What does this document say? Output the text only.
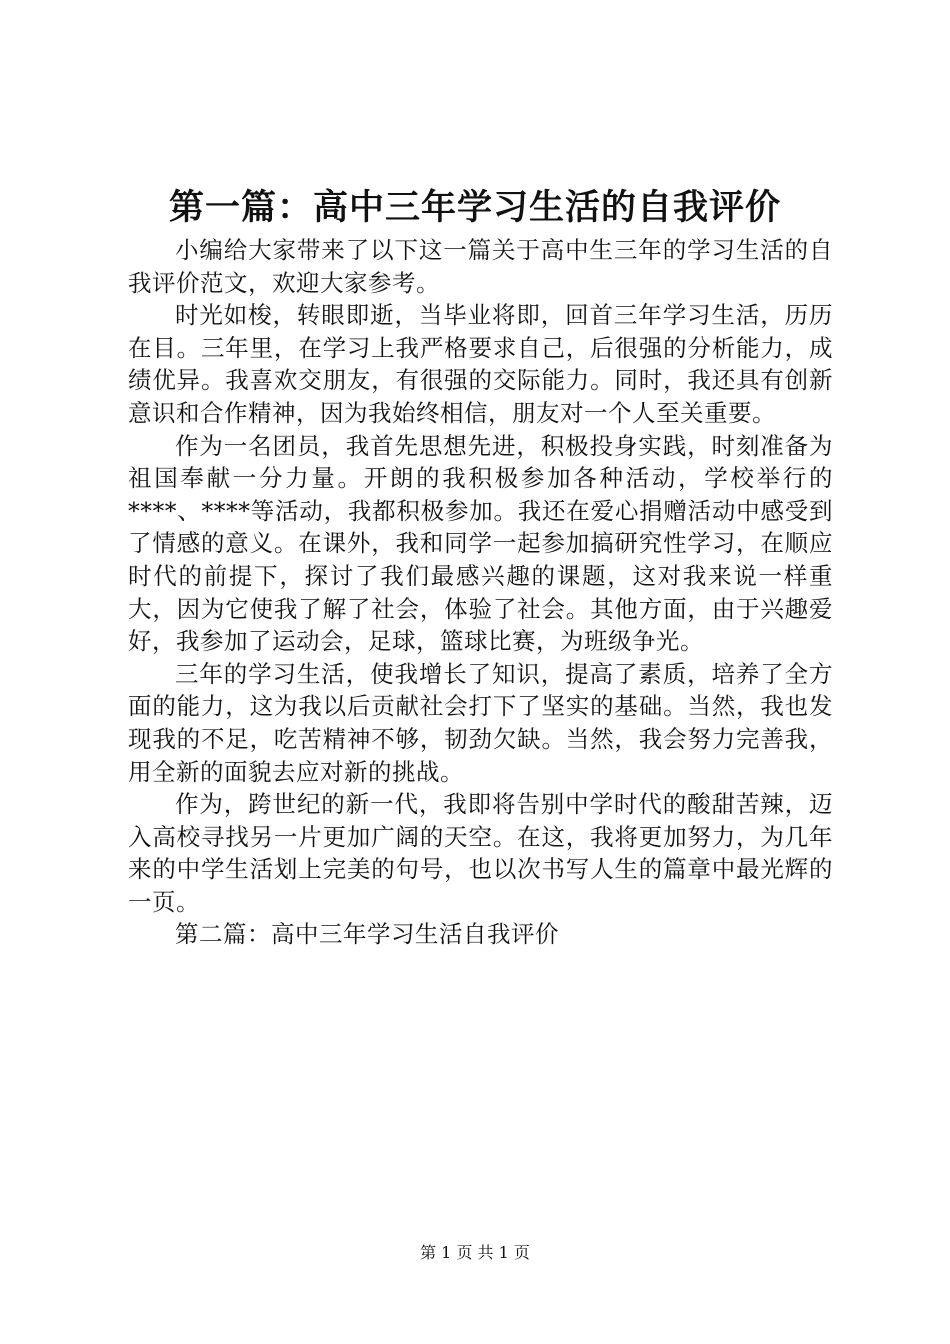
第一篇：高中三年学习生活的自我评价

小编给大家带来了以下这一篇关于高中生三年的学习生活的自我评价范文，欢迎大家参考。

时光如梭，转眼即逝，当毕业将即，回首三年学习生活，历历在目。三年里，在学习上我严格要求自己，后很强的分析能力，成绩优异。我喜欢交朋友，有很强的交际能力。同时，我还具有创新意识和合作精神，因为我始终相信，朋友对一个人至关重要。

作为一名团员，我首先思想先进，积极投身实践，时刻准备为祖国奉献一分力量。开朗的我积极参加各种活动，学校举行的****、****等活动，我都积极参加。我还在爱心捐赠活动中感受到了情感的意义。在课外，我和同学一起参加搞研究性学习，在顺应时代的前提下，探讨了我们最感兴趣的课题，这对我来说一样重大，因为它使我了解了社会，体验了社会。其他方面，由于兴趣爱好，我参加了运动会，足球，篮球比赛，为班级争光。

三年的学习生活，使我增长了知识，提高了素质，培养了全方面的能力，这为我以后贡献社会打下了坚实的基础。当然，我也发现我的不足，吃苦精神不够，韧劲欠缺。当然，我会努力完善我，用全新的面貌去应对新的挑战。

作为，跨世纪的新一代，我即将告别中学时代的酸甜苦辣，迈入高校寻找另一片更加广阔的天空。在这，我将更加努力，为几年来的中学生活划上完美的句号，也以次书写人生的篇章中最光辉的一页。

第二篇：高中三年学习生活自我评价

第 1 页 共 1 页
